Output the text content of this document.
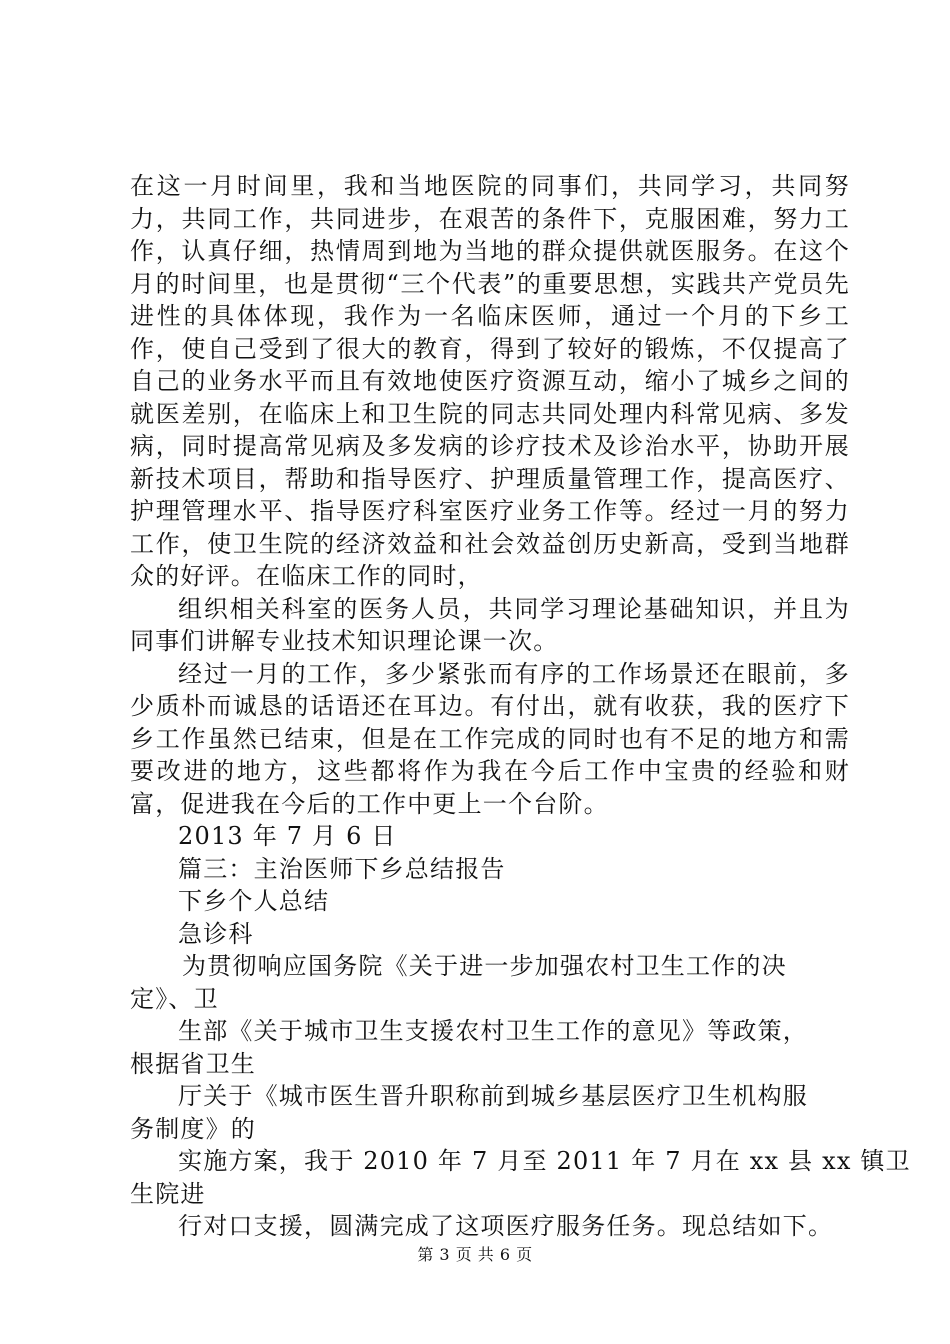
在这一月时间里，我和当地医院的同事们，共同学习，共同努力，共同工作，共同进步，在艰苦的条件下，克服困难，努力工作，认真仔细，热情周到地为当地的群众提供就医服务。在这个月的时间里，也是贯彻“三个代表”的重要思想，实践共产党员先进性的具体体现，我作为一名临床医师，通过一个月的下乡工作，使自己受到了很大的教育，得到了较好的锻炼，不仅提高了自己的业务水平而且有效地使医疗资源互动，缩小了城乡之间的就医差别，在临床上和卫生院的同志共同处理内科常见病、多发病，同时提高常见病及多发病的诊疗技术及诊治水平，协助开展新技术项目，帮助和指导医疗、护理质量管理工作，提高医疗、护理管理水平、指导医疗科室医疗业务工作等。经过一月的努力工作，使卫生院的经济效益和社会效益创历史新高，受到当地群众的好评。在临床工作的同时，

组织相关科室的医务人员，共同学习理论基础知识，并且为同事们讲解专业技术知识理论课一次。

经过一月的工作，多少紧张而有序的工作场景还在眼前，多少质朴而诚恳的话语还在耳边。有付出，就有收获，我的医疗下乡工作虽然已结束，但是在工作完成的同时也有不足的地方和需要改进的地方，这些都将作为我在今后工作中宝贵的经验和财富，促进我在今后的工作中更上一个台阶。

2013 年 7 月 6 日

篇三：主治医师下乡总结报告

下乡个人总结

急诊科

为贯彻响应国务院《关于进一步加强农村卫生工作的决
定》、卫

生部《关于城市卫生支援农村卫生工作的意见》等政策，
根据省卫生

厅关于《城市医生晋升职称前到城乡基层医疗卫生机构服
务制度》的

实施方案，我于 2010 年 7 月至 2011 年 7 月在 xx 县 xx 镇卫
生院进

行对口支援，圆满完成了这项医疗服务任务。现总结如下。

第 3 页 共 6 页
